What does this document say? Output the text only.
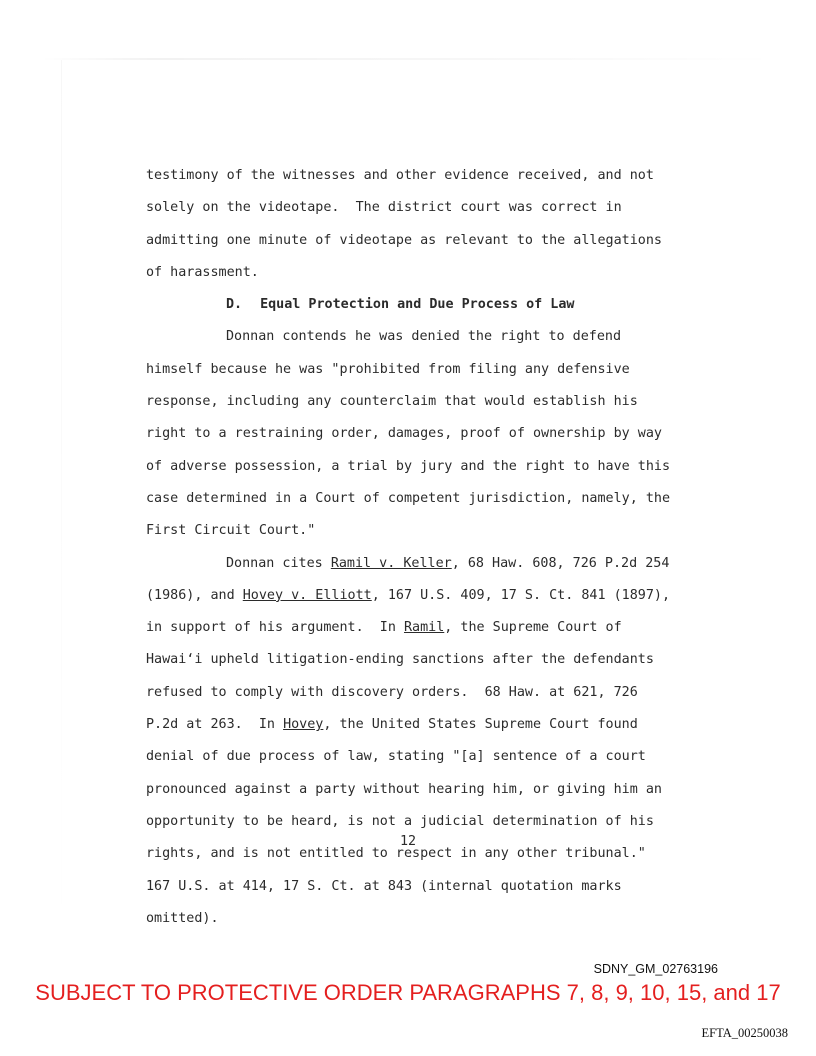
testimony of the witnesses and other evidence received, and not
solely on the videotape.  The district court was correct in
admitting one minute of videotape as relevant to the allegations
of harassment.
D. Equal Protection and Due Process of Law
Donnan contends he was denied the right to defend
himself because he was "prohibited from filing any defensive
response, including any counterclaim that would establish his
right to a restraining order, damages, proof of ownership by way
of adverse possession, a trial by jury and the right to have this
case determined in a Court of competent jurisdiction, namely, the
First Circuit Court."
Donnan cites Ramil v. Keller, 68 Haw. 608, 726 P.2d 254
(1986), and Hovey v. Elliott, 167 U.S. 409, 17 S. Ct. 841 (1897),
in support of his argument.  In Ramil, the Supreme Court of
Hawai‘i upheld litigation-ending sanctions after the defendants
refused to comply with discovery orders.  68 Haw. at 621, 726
P.2d at 263.  In Hovey, the United States Supreme Court found
denial of due process of law, stating "[a] sentence of a court
pronounced against a party without hearing him, or giving him an
opportunity to be heard, is not a judicial determination of his
rights, and is not entitled to respect in any other tribunal."
167 U.S. at 414, 17 S. Ct. at 843 (internal quotation marks
omitted).
12
SDNY_GM_02763196
SUBJECT TO PROTECTIVE ORDER PARAGRAPHS 7, 8, 9, 10, 15, and 17
EFTA_00250038
